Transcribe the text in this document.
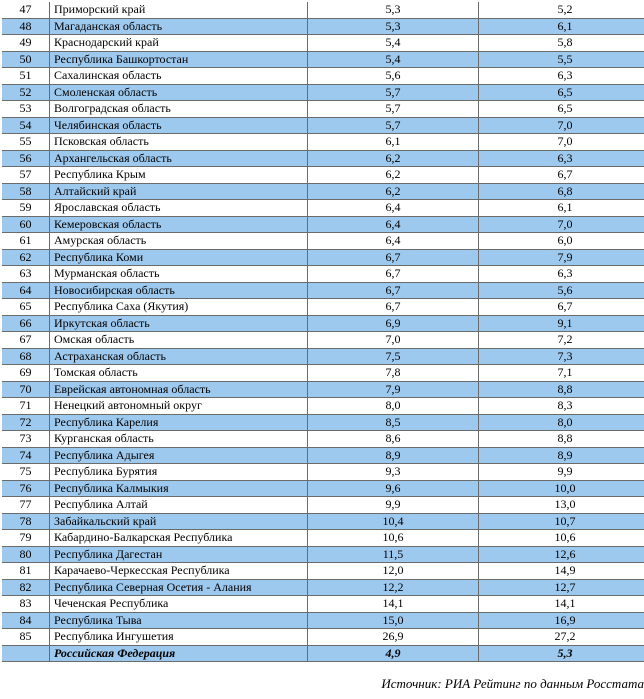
47	Приморский край	5,3	5,2
48	Магаданская область	5,3	6,1
49	Краснодарский край	5,4	5,8
50	Республика Башкортостан	5,4	5,5
51	Сахалинская область	5,6	6,3
52	Смоленская область	5,7	6,5
53	Волгоградская область	5,7	6,5
54	Челябинская область	5,7	7,0
55	Псковская область	6,1	7,0
56	Архангельская область	6,2	6,3
57	Республика Крым	6,2	6,7
58	Алтайский край	6,2	6,8
59	Ярославская область	6,4	6,1
60	Кемеровская область	6,4	7,0
61	Амурская область	6,4	6,0
62	Республика Коми	6,7	7,9
63	Мурманская область	6,7	6,3
64	Новосибирская область	6,7	5,6
65	Республика Саха (Якутия)	6,7	6,7
66	Иркутская область	6,9	9,1
67	Омская область	7,0	7,2
68	Астраханская область	7,5	7,3
69	Томская область	7,8	7,1
70	Еврейская автономная область	7,9	8,8
71	Ненецкий автономный округ	8,0	8,3
72	Республика Карелия	8,5	8,0
73	Курганская область	8,6	8,8
74	Республика Адыгея	8,9	8,9
75	Республика Бурятия	9,3	9,9
76	Республика Калмыкия	9,6	10,0
77	Республика Алтай	9,9	13,0
78	Забайкальский край	10,4	10,7
79	Кабардино-Балкарская Республика	10,6	10,6
80	Республика Дагестан	11,5	12,6
81	Карачаево-Черкесская Республика	12,0	14,9
82	Республика Северная Осетия - Алания	12,2	12,7
83	Чеченская Республика	14,1	14,1
84	Республика Тыва	15,0	16,9
85	Республика Ингушетия	26,9	27,2
	Российская Федерация	4,9	5,3
Источник: РИА Рейтинг по данным Росстата
